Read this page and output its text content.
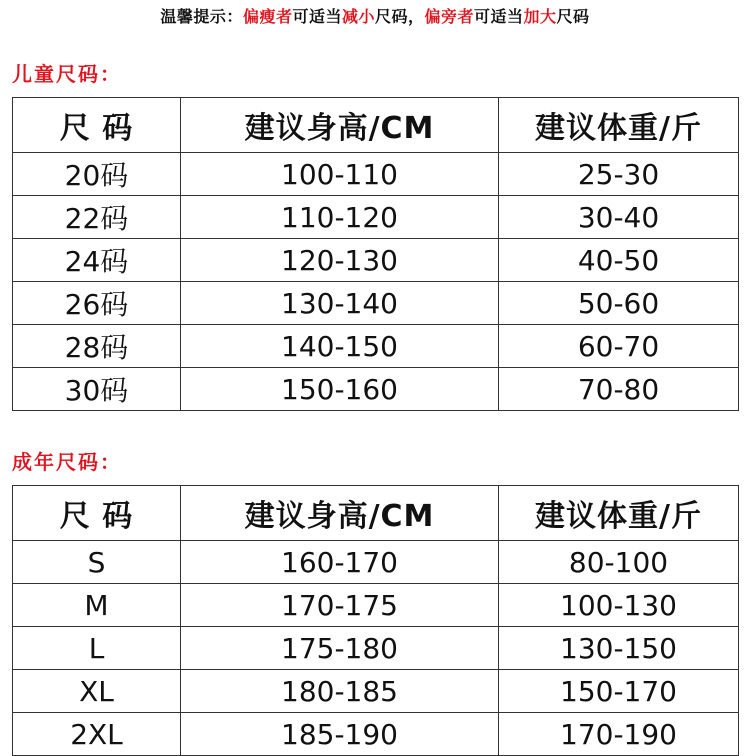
温馨提示：偏瘦者可适当减小尺码，偏旁者可适当加大尺码
儿童尺码：
尺 码	建议身高/CM	建议体重/斤
20码	100-110	25-30
22码	110-120	30-40
24码	120-130	40-50
26码	130-140	50-60
28码	140-150	60-70
30码	150-160	70-80
成年尺码：
尺 码	建议身高/CM	建议体重/斤
S	160-170	80-100
M	170-175	100-130
L	175-180	130-150
XL	180-185	150-170
2XL	185-190	170-190
